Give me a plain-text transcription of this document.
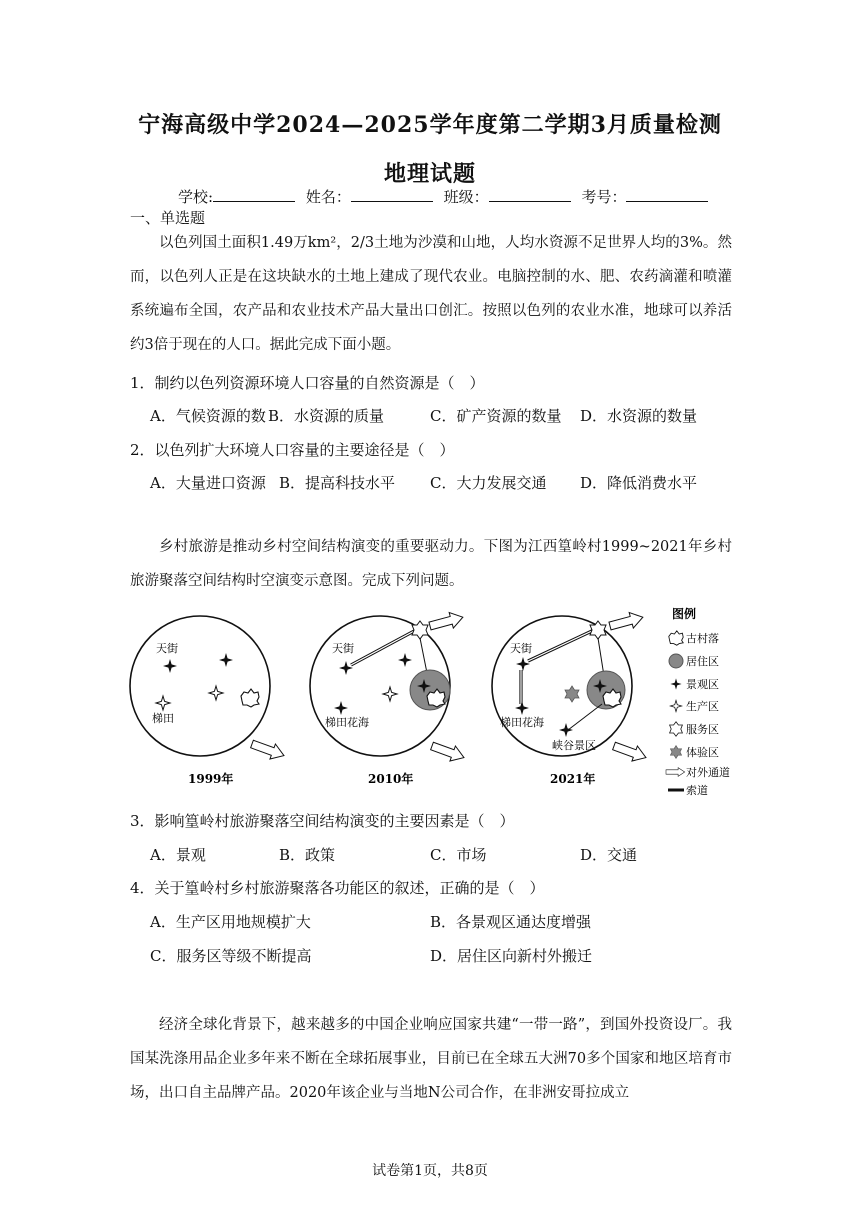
宁海高级中学2024—2025学年度第二学期3月质量检测
地理试题
学校:	姓名：	班级：	考号：
一、单选题
以色列国土面积1.49万km²，2/3土地为沙漠和山地，人均水资源不足世界人均的3%。然而，以色列人正是在这块缺水的土地上建成了现代农业。电脑控制的水、肥、农药滴灌和喷灌系统遍布全国，农产品和农业技术产品大量出口创汇。按照以色列的农业水准，地球可以养活约3倍于现在的人口。据此完成下面小题。
1．制约以色列资源环境人口容量的自然资源是（　）
A．气候资源的数 B．水资源的质量	C．矿产资源的数量 D．水资源的数量
2．以色列扩大环境人口容量的主要途径是（　）
A．大量进口资源 B．提高科技水平 C．大力发展交通 D．降低消费水平
乡村旅游是推动乡村空间结构演变的重要驱动力。下图为江西篁岭村1999~2021年乡村旅游聚落空间结构时空演变示意图。完成下列问题。
天街
梯田
1999年
天街
梯田花海
2010年
天街
梯田花海
峡谷景区
2021年
图例
古村落
居住区
景观区
生产区
服务区
体验区
对外通道
索道
3．影响篁岭村旅游聚落空间结构演变的主要因素是（　）
A．景观	B．政策	C．市场	D．交通
4．关于篁岭村乡村旅游聚落各功能区的叙述，正确的是（　）
A．生产区用地规模扩大	B．各景观区通达度增强
C．服务区等级不断提高	D．居住区向新村外搬迁
经济全球化背景下，越来越多的中国企业响应国家共建“一带一路”，到国外投资设厂。我国某洗涤用品企业多年来不断在全球拓展事业，目前已在全球五大洲70多个国家和地区培育市场，出口自主品牌产品。2020年该企业与当地N公司合作，在非洲安哥拉成立
试卷第1页，共8页
